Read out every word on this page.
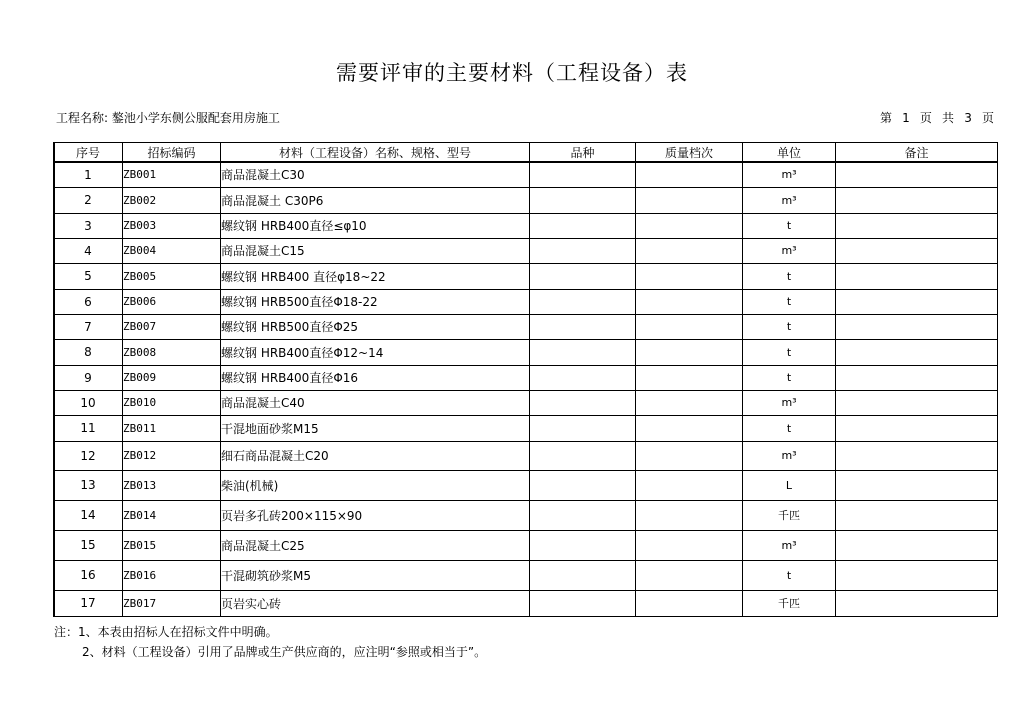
需要评审的主要材料（工程设备）表
工程名称: 鏊池小学东侧公服配套用房施工	第 1 页 共 3 页
序号	招标编码	材料（工程设备）名称、规格、型号	品种	质量档次	单位	备注
1	ZB001	商品混凝土C30			m³	
2	ZB002	商品混凝土 C30P6			m³	
3	ZB003	螺纹钢 HRB400直径≤φ10			t	
4	ZB004	商品混凝土C15			m³	
5	ZB005	螺纹钢 HRB400 直径φ18~22			t	
6	ZB006	螺纹钢 HRB500直径Φ18-22			t	
7	ZB007	螺纹钢 HRB500直径Φ25			t	
8	ZB008	螺纹钢 HRB400直径Φ12~14			t	
9	ZB009	螺纹钢 HRB400直径Φ16			t	
10	ZB010	商品混凝土C40			m³	
11	ZB011	干混地面砂浆M15			t	
12	ZB012	细石商品混凝土C20			m³	
13	ZB013	柴油(机械)			L	
14	ZB014	页岩多孔砖200×115×90			千匹	
15	ZB015	商品混凝土C25			m³	
16	ZB016	干混砌筑砂浆M5			t	
17	ZB017	页岩实心砖			千匹	
注：1、本表由招标人在招标文件中明确。
2、材料（工程设备）引用了品牌或生产供应商的，应注明“参照或相当于”。
